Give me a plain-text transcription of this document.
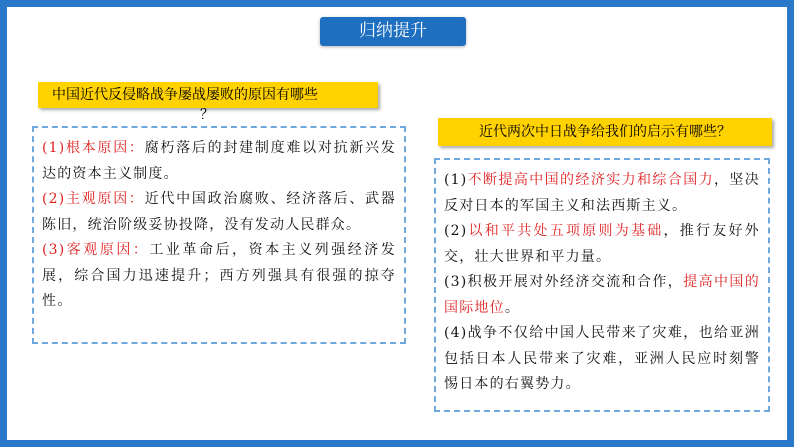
归纳提升
中国近代反侵略战争屡战屡败的原因有哪些
？

(1)根本原因：腐朽落后的封建制度难以对抗新兴发达的资本主义制度。

(2)主观原因：近代中国政治腐败、经济落后、武器陈旧，统治阶级妥协投降，没有发动人民群众。

(3)客观原因：工业革命后，资本主义列强经济发展，综合国力迅速提升；西方列强具有很强的掠夺性。

近代两次中日战争给我们的启示有哪些？

(1)不断提高中国的经济实力和综合国力，坚决反对日本的军国主义和法西斯主义。

(2)以和平共处五项原则为基础，推行友好外交，壮大世界和平力量。

(3)积极开展对外经济交流和合作，提高中国的国际地位。

(4)战争不仅给中国人民带来了灾难，也给亚洲包括日本人民带来了灾难，亚洲人民应时刻警惕日本的右翼势力。
